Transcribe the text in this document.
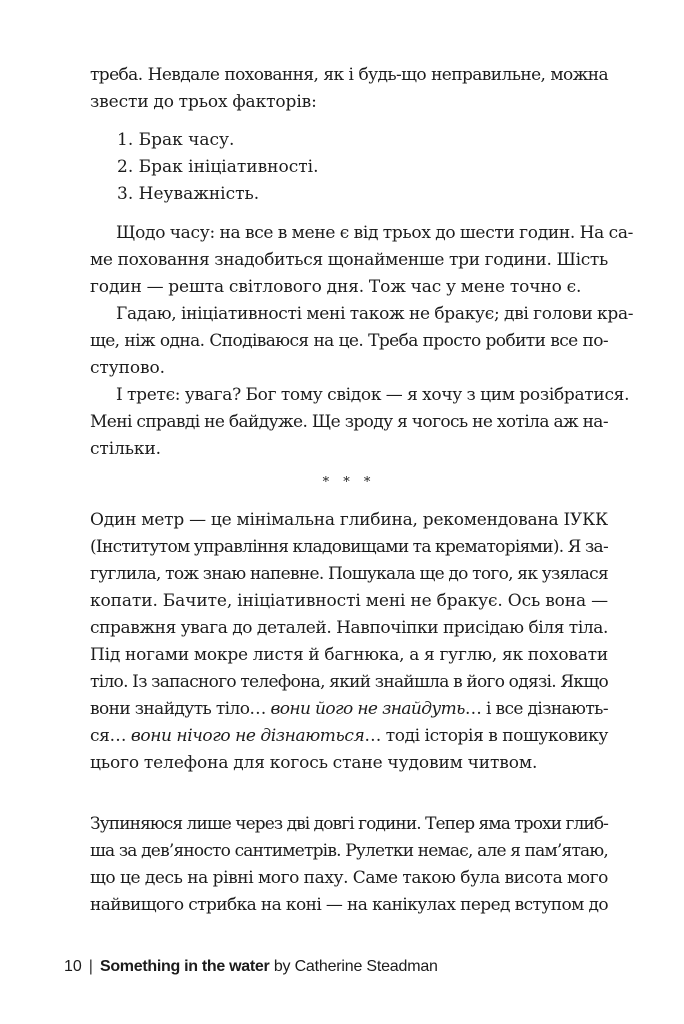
треба. Невдале поховання, як і будь-що неправильне, можна

звести до трьох факторів:

1. Брак часу.
2. Брак ініціативності.
3. Неуважність.

Щодо часу: на все в мене є від трьох до шести годин. На са-

ме поховання знадобиться щонайменше три години. Шість

годин — решта світлового дня. Тож час у мене точно є.

Гадаю, ініціативності мені також не бракує; дві голови кра-

ще, ніж одна. Сподіваюся на це. Треба просто робити все по-

ступово.

І третє: увага? Бог тому свідок — я хочу з цим розібратися.

Мені справді не байдуже. Ще зроду я чогось не хотіла аж на-

стільки.

* * *

Один метр — це мінімальна глибина, рекомендована ІУКК

(Інститутом управління кладовищами та крематоріями). Я за-

гуглила, тож знаю напевне. Пошукала ще до того, як узялася

копати. Бачите, ініціативності мені не бракує. Ось вона —

справжня увага до деталей. Навпочіпки присідаю біля тіла.

Під ногами мокре листя й багнюка, а я гуглю, як поховати

тіло. Із запасного телефона, який знайшла в його одязі. Якщо

вони знайдуть тіло… вони його не знайдуть… і все дізнають-

ся… вони нічого не дізнаються… тоді історія в пошуковику

цього телефона для когось стане чудовим читвом.

Зупиняюся лише через дві довгі години. Тепер яма трохи глиб-

ша за дев’яносто сантиметрів. Рулетки немає, але я пам’ятаю,

що це десь на рівні мого паху. Саме такою була висота мого

найвищого стрибка на коні — на канікулах перед вступом до

10 | Something in the water by Catherine Steadman
